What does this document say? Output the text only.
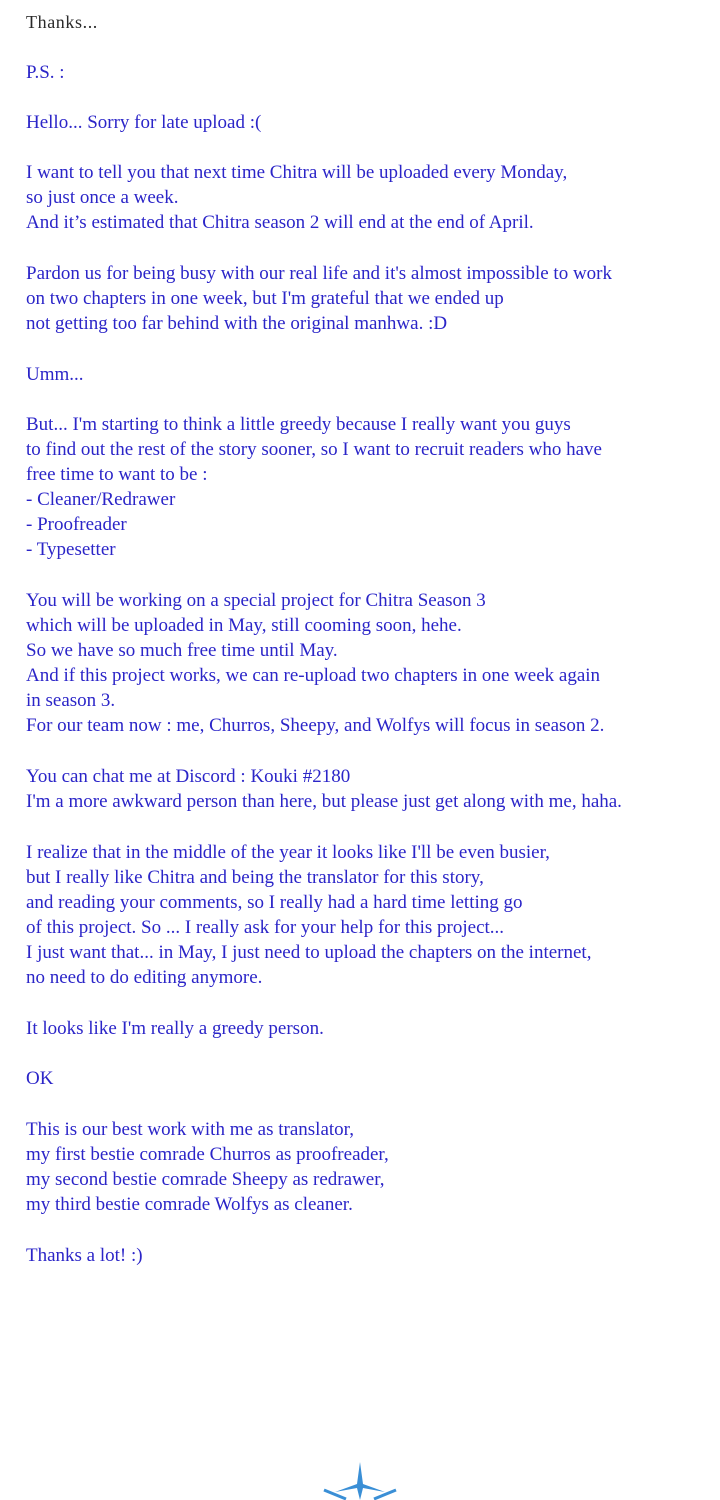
Thanks...
P.S. :
Hello... Sorry for late upload :(
I want to tell you that next time Chitra will be uploaded every Monday,
so just once a week.
And it’s estimated that Chitra season 2 will end at the end of April.
Pardon us for being busy with our real life and it's almost impossible to work
on two chapters in one week, but I'm grateful that we ended up
not getting too far behind with the original manhwa. :D
Umm...
But... I'm starting to think a little greedy because I really want you guys
to find out the rest of the story sooner, so I want to recruit readers who have
free time to want to be :
- Cleaner/Redrawer
- Proofreader
- Typesetter
You will be working on a special project for Chitra Season 3
which will be uploaded in May, still cooming soon, hehe.
So we have so much free time until May.
And if this project works, we can re-upload two chapters in one week again
in season 3.
For our team now : me, Churros, Sheepy, and Wolfys will focus in season 2.
You can chat me at Discord : Kouki #2180
I'm a more awkward person than here, but please just get along with me, haha.
I realize that in the middle of the year it looks like I'll be even busier,
but I really like Chitra and being the translator for this story,
and reading your comments, so I really had a hard time letting go
of this project. So ... I really ask for your help for this project...
I just want that... in May, I just need to upload the chapters on the internet,
no need to do editing anymore.
It looks like I'm really a greedy person.
OK
This is our best work with me as translator,
my first bestie comrade Churros as proofreader,
my second bestie comrade Sheepy as redrawer,
my third bestie comrade Wolfys as cleaner.
Thanks a lot! :)
